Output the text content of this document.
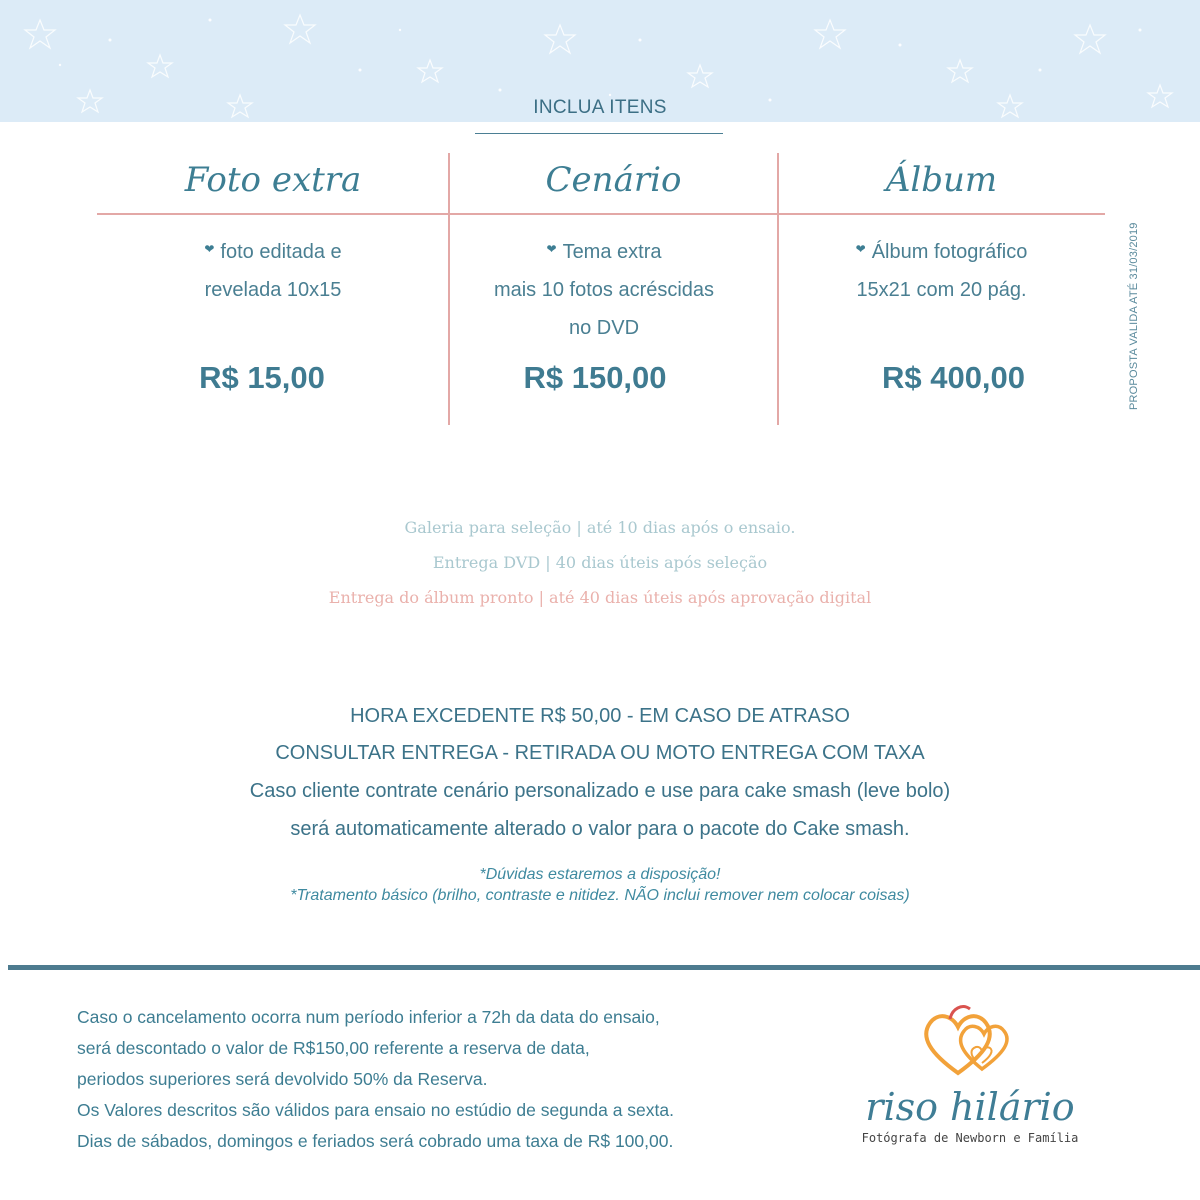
INCLUA ITENS
Foto extra
❤ foto editada e
revelada 10x15
R$ 15,00
Cenário
❤ Tema extra
mais 10 fotos acréscidas
no DVD
R$ 150,00
Álbum
❤ Álbum fotográfico
15x21 com 20 pág.
R$ 400,00	PROPOSTA VALIDA ATÉ 31/03/2019
Galeria para seleção | até 10 dias após o ensaio.
Entrega DVD | 40 dias úteis após seleção
Entrega do álbum pronto | até 40 dias úteis após aprovação digital
HORA EXCEDENTE R$ 50,00 - EM CASO DE ATRASO
CONSULTAR ENTREGA - RETIRADA OU MOTO ENTREGA COM TAXA
Caso cliente contrate cenário personalizado e use para cake smash (leve bolo)
será automaticamente alterado o valor para o pacote do Cake smash.
*Dúvidas estaremos a disposição!
*Tratamento básico (brilho, contraste e nitidez. NÃO inclui remover nem colocar coisas)
Caso o cancelamento ocorra num período inferior a 72h da data do ensaio,
será descontado o valor de R$150,00 referente a reserva de data,
periodos superiores será devolvido 50% da Reserva.
Os Valores descritos são válidos para ensaio no estúdio de segunda a sexta.
Dias de sábados, domingos e feriados será cobrado uma taxa de R$ 100,00.
riso hilário
Fotógrafa de Newborn e Família
